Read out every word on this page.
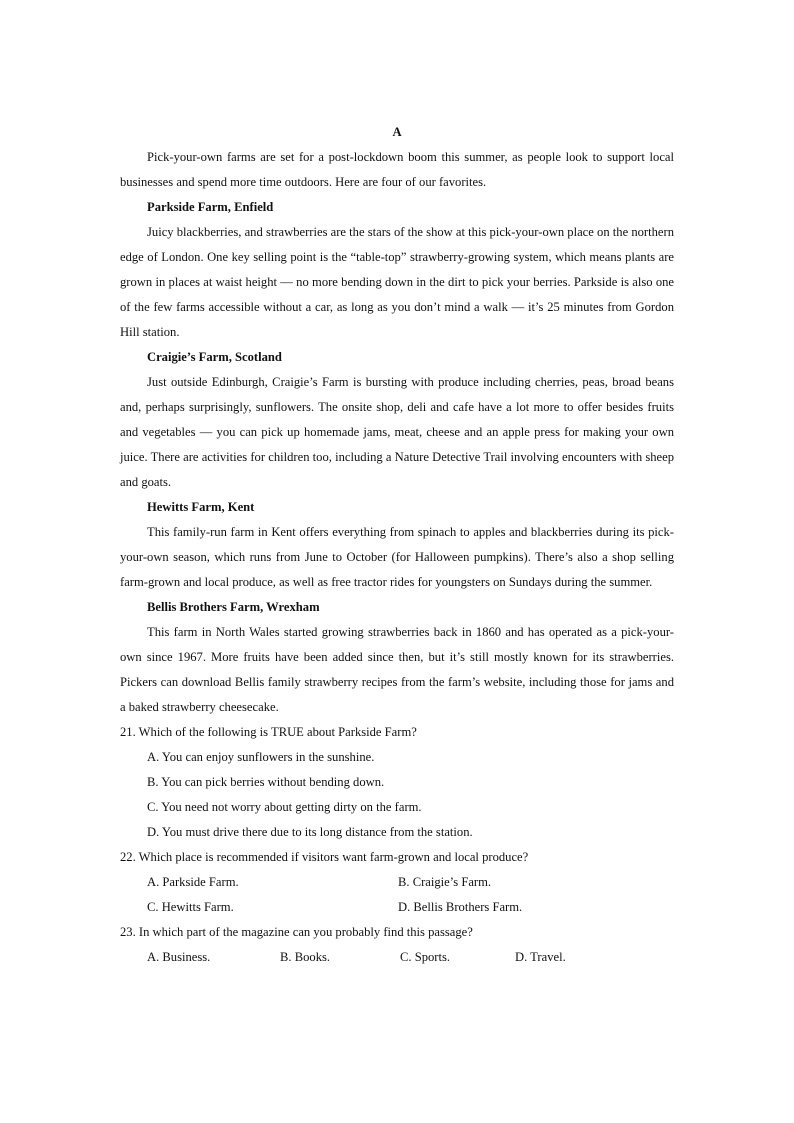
A

Pick-your-own farms are set for a post-lockdown boom this summer, as people look to support local businesses and spend more time outdoors. Here are four of our favorites.

Parkside Farm, Enfield

Juicy blackberries, and strawberries are the stars of the show at this pick-your-own place on the northern edge of London. One key selling point is the “table-top” strawberry-growing system, which means plants are grown in places at waist height — no more bending down in the dirt to pick your berries. Parkside is also one of the few farms accessible without a car, as long as you don’t mind a walk — it’s 25 minutes from Gordon Hill station.

Craigie’s Farm, Scotland

Just outside Edinburgh, Craigie’s Farm is bursting with produce including cherries, peas, broad beans and, perhaps surprisingly, sunflowers. The onsite shop, deli and cafe have a lot more to offer besides fruits and vegetables — you can pick up homemade jams, meat, cheese and an apple press for making your own juice. There are activities for children too, including a Nature Detective Trail involving encounters with sheep and goats.

Hewitts Farm, Kent

This family-run farm in Kent offers everything from spinach to apples and blackberries during its pick-your-own season, which runs from June to October (for Halloween pumpkins). There’s also a shop selling farm-grown and local produce, as well as free tractor rides for youngsters on Sundays during the summer.

Bellis Brothers Farm, Wrexham

This farm in North Wales started growing strawberries back in 1860 and has operated as a pick-your-own since 1967. More fruits have been added since then, but it’s still mostly known for its strawberries. Pickers can download Bellis family strawberry recipes from the farm’s website, including those for jams and a baked strawberry cheesecake.

21. Which of the following is TRUE about Parkside Farm?

A. You can enjoy sunflowers in the sunshine.

B. You can pick berries without bending down.

C. You need not worry about getting dirty on the farm.

D. You must drive there due to its long distance from the station.

22. Which place is recommended if visitors want farm-grown and local produce?

A. Parkside Farm.	B. Craigie’s Farm.
C. Hewitts Farm.	D. Bellis Brothers Farm.

23. In which part of the magazine can you probably find this passage?

A. Business.	B. Books.	C. Sports.	D. Travel.
